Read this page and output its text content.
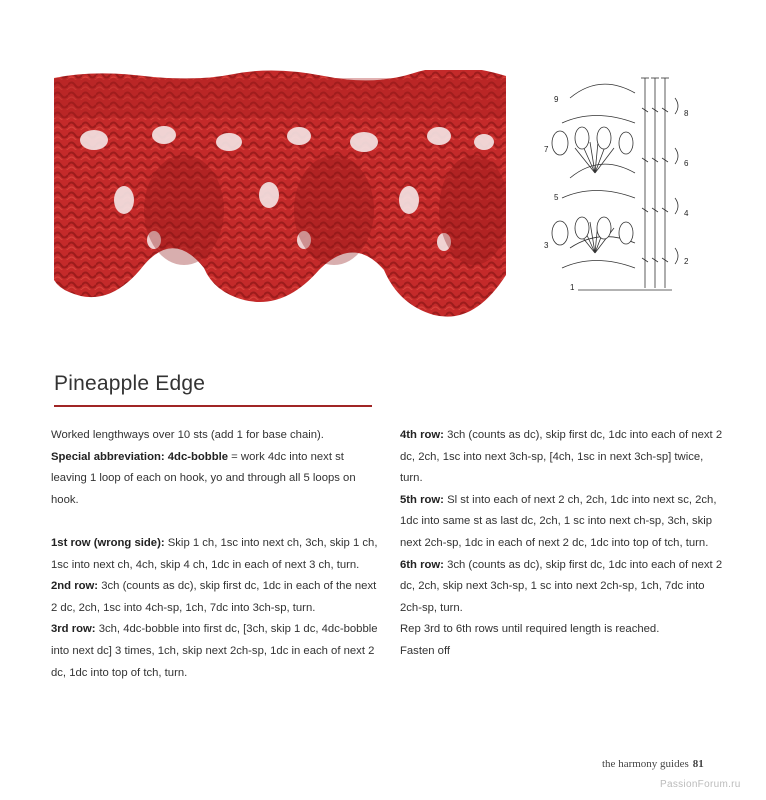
9
7
5
3
1
8
6
4
2
Pineapple Edge

Worked lengthways over 10 sts (add 1 for base chain).

Special abbreviation: 4dc-bobble = work 4dc into next st leaving 1 loop of each on hook, yo and through all 5 loops on hook.

1st row (wrong side): Skip 1 ch, 1sc into next ch, 3ch, skip 1 ch, 1sc into next ch, 4ch, skip 4 ch, 1dc in each of next 3 ch, turn.

2nd row: 3ch (counts as dc), skip first dc, 1dc in each of the next 2 dc, 2ch, 1sc into 4ch-sp, 1ch, 7dc into 3ch-sp, turn.

3rd row: 3ch, 4dc-bobble into first dc, [3ch, skip 1 dc, 4dc-bobble into next dc] 3 times, 1ch, skip next 2ch-sp, 1dc in each of next 2 dc, 1dc into top of tch, turn.

4th row: 3ch (counts as dc), skip first dc, 1dc into each of next 2 dc, 2ch, 1sc into next 3ch-sp, [4ch, 1sc in next 3ch-sp] twice, turn.

5th row: Sl st into each of next 2 ch, 2ch, 1dc into next sc, 2ch, 1dc into same st as last dc, 2ch, 1 sc into next ch-sp, 3ch, skip next 2ch-sp, 1dc in each of next 2 dc, 1dc into top of tch, turn.

6th row: 3ch (counts as dc), skip first dc, 1dc into each of next 2 dc, 2ch, skip next 3ch-sp, 1 sc into next 2ch-sp, 1ch, 7dc into 2ch-sp, turn.

Rep 3rd to 6th rows until required length is reached.

Fasten off

the harmony guides 81
PassionForum.ru
